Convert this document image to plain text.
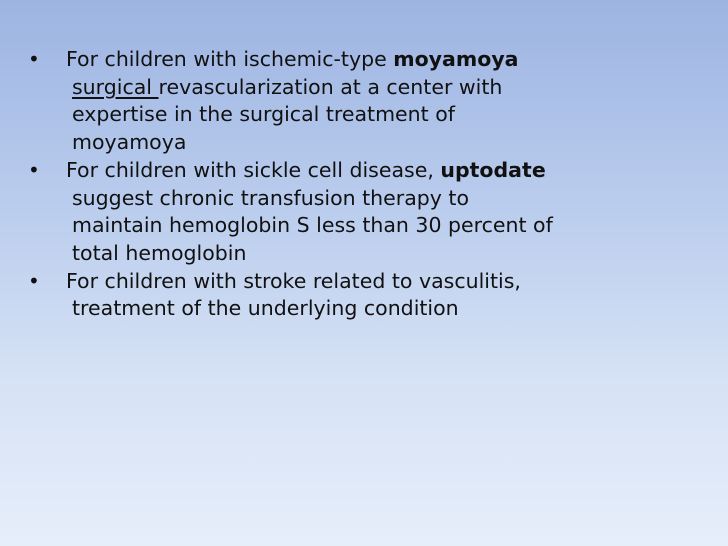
•	For children with ischemic-type moyamoya
surgical revascularization at a center with
expertise in the surgical treatment of
moyamoya
•	For children with sickle cell disease, uptodate
suggest chronic transfusion therapy to
maintain hemoglobin S less than 30 percent of
total hemoglobin
•	For children with stroke related to vasculitis,
treatment of the underlying condition
